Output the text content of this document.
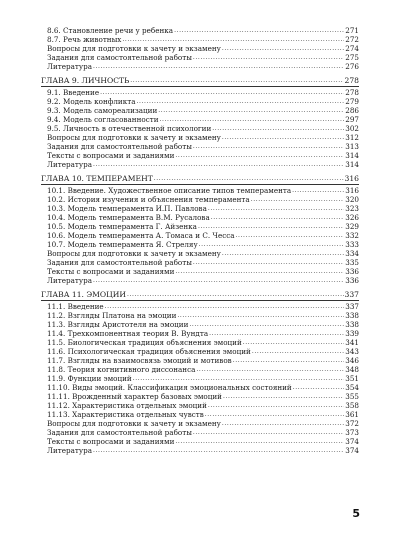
8.6. Становление речи у ребенка .....	271
8.7. Речь животных .....	272
Вопросы для подготовки к зачету и экзамену .....	274
Задания для самостоятельной работы .....	275
Литература .....	276
ГЛАВА 9. ЛИЧНОСТЬ .....	278
9.1. Введение .....	278
9.2. Модель конфликта .....	279
9.3. Модель самореализации .....	286
9.4. Модель согласованности .....	297
9.5. Личность в отечественной психологии .....	302
Вопросы для подготовки к зачету и экзамену .....	312
Задания для самостоятельной работы .....	313
Тексты с вопросами и заданиями .....	314
Литература .....	314
ГЛАВА 10. ТЕМПЕРАМЕНТ .....	316
10.1. Введение. Художественное описание типов темперамента .....	316
10.2. История изучения и объяснения темперамента .....	320
10.3. Модель темперамента И.П. Павлова .....	323
10.4. Модель темперамента В.М. Русалова .....	326
10.5. Модель темперамента Г. Айзенка .....	329
10.6. Модель темперамента А. Томаса и С. Чесса .....	332
10.7. Модель темперамента Я. Стреляу .....	333
Вопросы для подготовки к зачету и экзамену .....	334
Задания для самостоятельной работы .....	335
Тексты с вопросами и заданиями .....	336
Литература .....	336
ГЛАВА 11. ЭМОЦИИ .....	337
11.1. Введение .....	337
11.2. Взгляды Платона на эмоции .....	338
11.3. Взгляды Аристотеля на эмоции .....	338
11.4. Трехкомпонентная теория В. Вундта .....	339
11.5. Биологическая традиция объяснения эмоций .....	341
11.6. Психологическая традиция объяснения эмоций .....	343
11.7. Взгляды на взаимосвязь эмоций и мотивов .....	346
11.8. Теория когнитивного диссонанса .....	348
11.9. Функции эмоций .....	351
11.10. Виды эмоций. Классификация эмоциональных состояний .....	354
11.11. Врожденный характер базовых эмоций .....	355
11.12. Характеристика отдельных эмоций .....	358
11.13. Характеристика отдельных чувств .....	361
Вопросы для подготовки к зачету и экзамену .....	372
Задания для самостоятельной работы .....	373
Тексты с вопросами и заданиями .....	374
Литература .....	374
5
